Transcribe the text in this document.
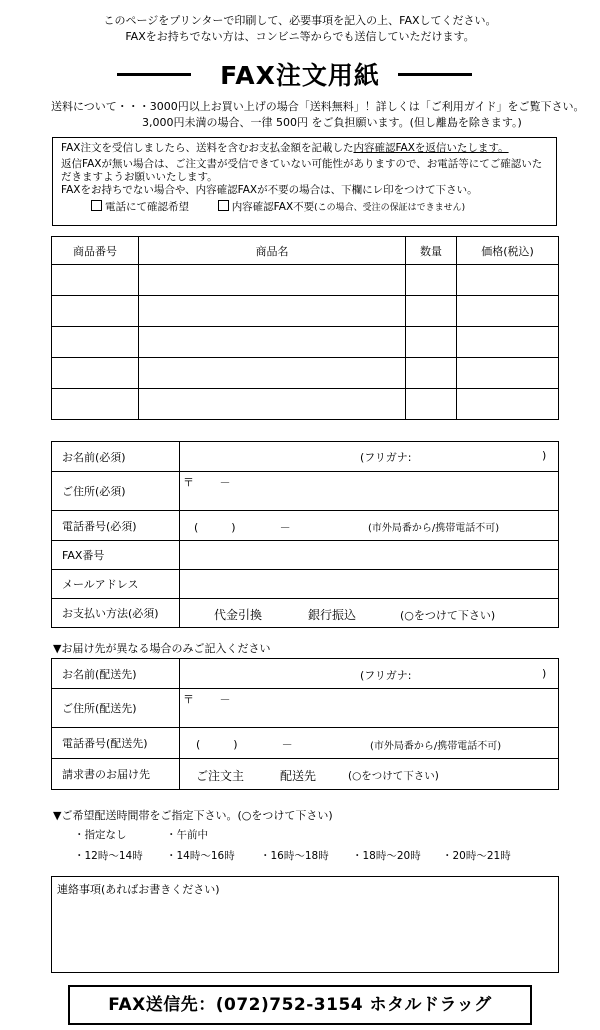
このページをプリンターで印刷して、必要事項を記入の上、FAXしてください。
FAXをお持ちでない方は、コンビニ等からでも送信していただけます。
FAX注文用紙
送料について・・・3000円以上お買い上げの場合「送料無料」！詳しくは「ご利用ガイド」をご覧下さい。
3,000円未満の場合、一律 500円 をご負担願います。(但し離島を除きます。)

FAX注文を受信しましたら、送料を含むお支払金額を記載した内容確認FAXを返信いたします。

返信FAXが無い場合は、ご注文書が受信できていない可能性がありますので、お電話等にてご確認いただきますようお願いいたします。

FAXをお持ちでない場合や、内容確認FAXが不要の場合は、下欄にレ印をつけて下さい。

電話にて確認希望	内容確認FAX不要(この場合、受注の保証はできません)
商品番号	商品名	数量	価格(税込)

お名前(必須)	(フリガナ: )

ご住所(必須)	〒　　 －

電話番号(必須)	(　　　)　　　　－ (市外局番から/携帯電話不可)

FAX番号	
メールアドレス	
お支払い方法(必須)	代金引換 銀行振込 (○をつけて下さい)
▼お届け先が異なる場合のみご記入ください
お名前(配送先)	(フリガナ: )

ご住所(配送先)	〒　　 －

電話番号(配送先)	(　　　)　　　　－ (市外局番から/携帯電話不可)

請求書のお届け先	ご注文主 配送先 (○をつけて下さい)
▼ご希望配送時間帯をご指定下さい。(○をつけて下さい)
・指定なし	・午前中
・12時～14時 ・14時～16時 ・16時～18時 ・18時～20時 ・20時～21時
連絡事項(あればお書きください)
FAX送信先：(072)752-3154 ホタルドラッグ
